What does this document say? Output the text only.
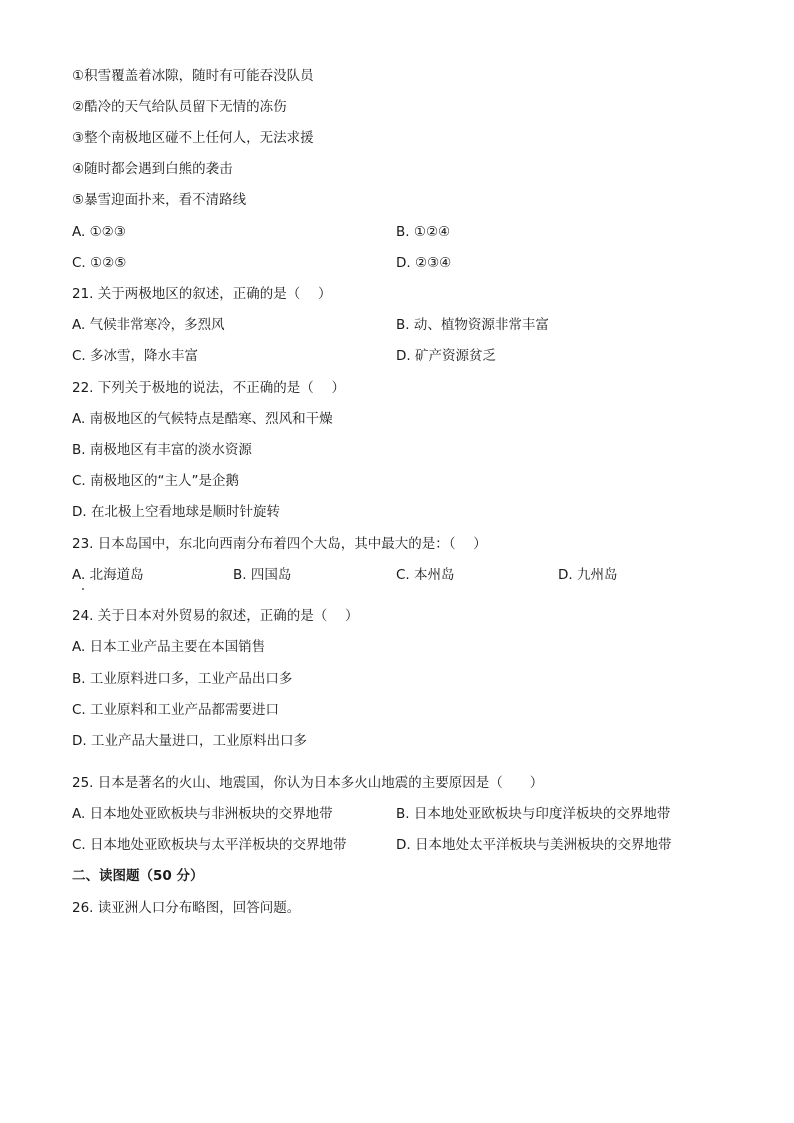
①积雪覆盖着冰隙，随时有可能吞没队员
②酷冷的天气给队员留下无情的冻伤
③整个南极地区碰不上任何人，无法求援
④随时都会遇到白熊的袭击
⑤暴雪迎面扑来，看不清路线
A. ①②③	B. ①②④
C. ①②⑤	D. ②③④
21. 关于两极地区的叙述，正确的是（　 ）
A. 气候非常寒冷，多烈风	B. 动、植物资源非常丰富
C. 多冰雪，降水丰富	D. 矿产资源贫乏
22. 下列关于极地的说法，不正确的是（　 ）
A. 南极地区的气候特点是酷寒、烈风和干燥
B. 南极地区有丰富的淡水资源
C. 南极地区的“主人”是企鹅
D. 在北极上空看地球是顺时针旋转
23. 日本岛国中，东北向西南分布着四个大岛，其中最大的是：（　 ）
A. 北海道岛	B. 四国岛	C. 本州岛	D. 九州岛
24. 关于日本对外贸易的叙述，正确的是（　 ）
A. 日本工业产品主要在本国销售
B. 工业原料进口多，工业产品出口多
C. 工业原料和工业产品都需要进口
D. 工业产品大量进口，工业原料出口多
25. 日本是著名的火山、地震国，你认为日本多火山地震的主要原因是（　　）
A. 日本地处亚欧板块与非洲板块的交界地带	B. 日本地处亚欧板块与印度洋板块的交界地带
C. 日本地处亚欧板块与太平洋板块的交界地带	D. 日本地处太平洋板块与美洲板块的交界地带
二、读图题（50 分）
26. 读亚洲人口分布略图，回答问题。
